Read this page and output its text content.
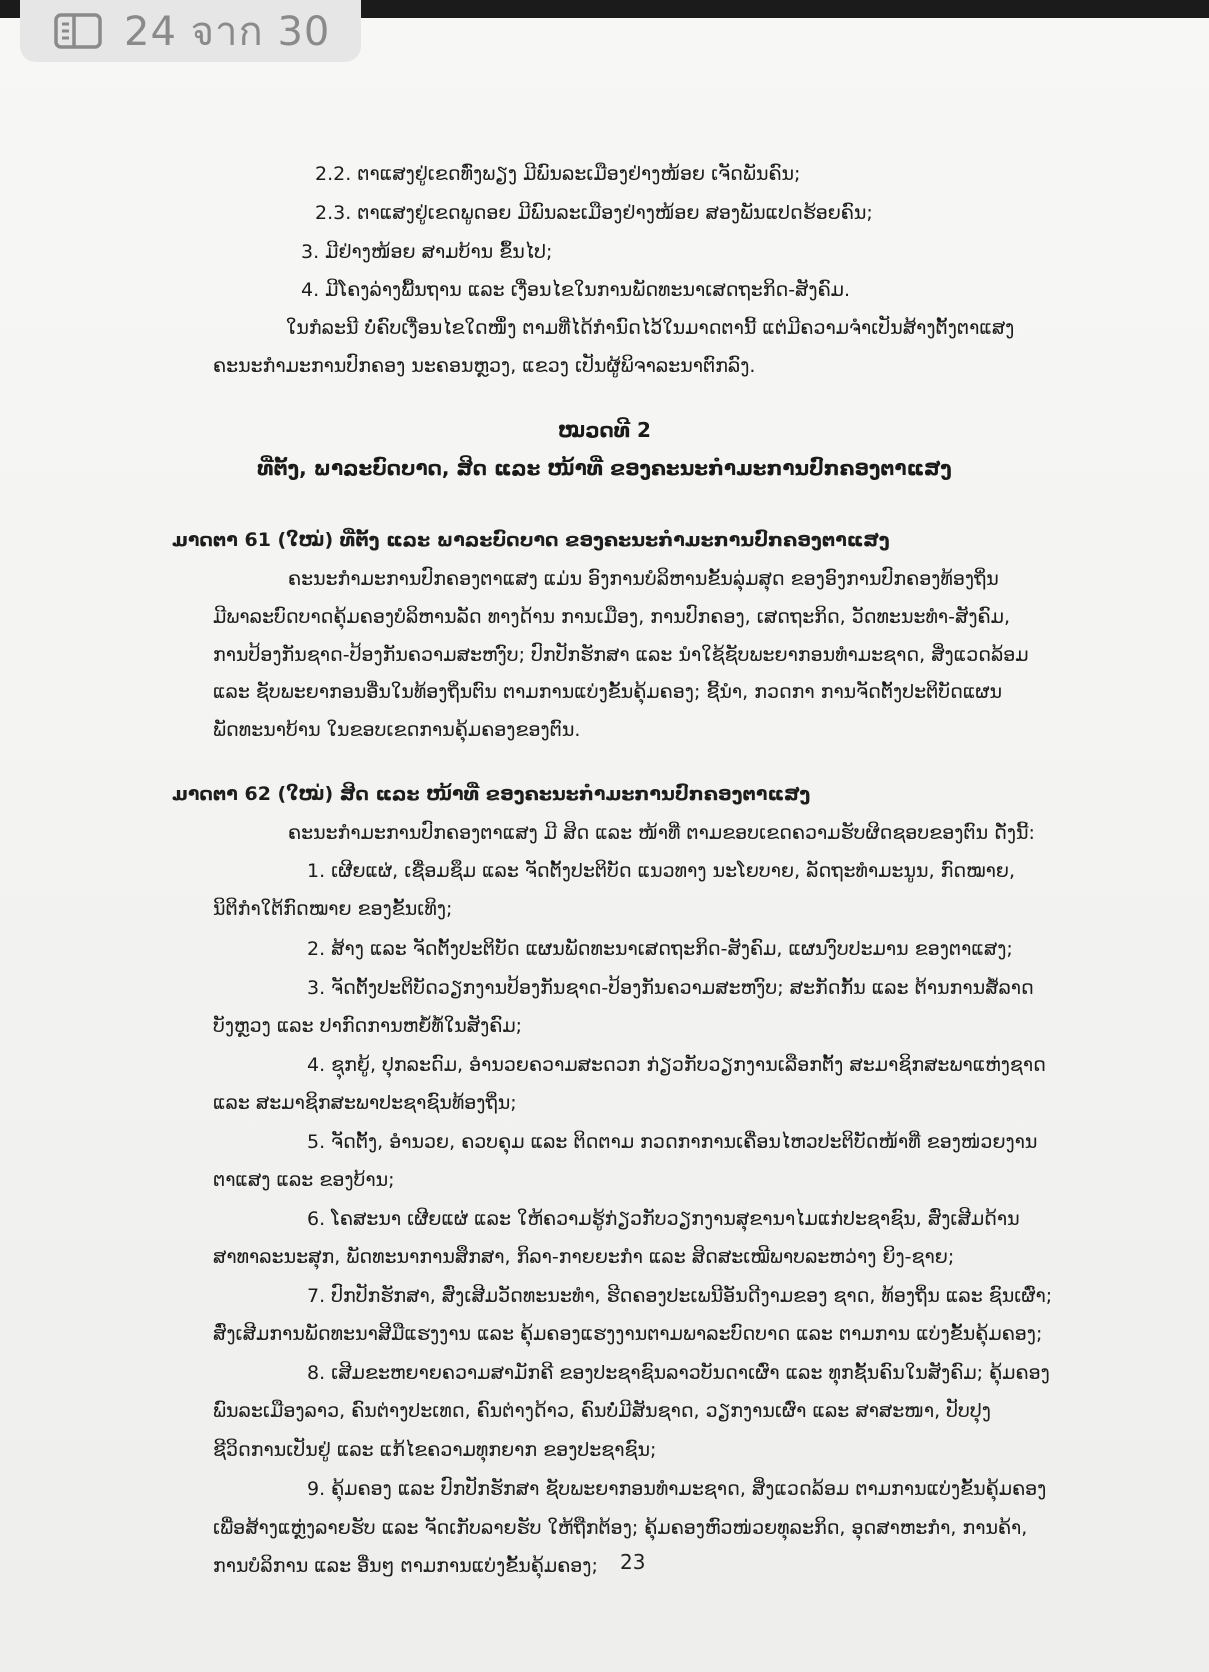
24 จาก 30
2.2. ຕາແສງຢູ່ເຂດທົ່ງພຽງ ມີພົນລະເມືອງຢ່າງໜ້ອຍ ເຈັດພັນຄົນ;
2.3. ຕາແສງຢູ່ເຂດພູດອຍ ມີພົນລະເມືອງຢ່າງໜ້ອຍ ສອງພັນແປດຮ້ອຍຄົນ;
3. ມີຢ່າງໜ້ອຍ ສາມບ້ານ ຂຶ້ນໄປ;
4. ມີໂຄງລ່າງພື້ນຖານ ແລະ ເງື່ອນໄຂໃນການພັດທະນາເສດຖະກິດ-ສັງຄົມ.
ໃນກໍລະນີ ບໍ່ຄົບເງື່ອນໄຂໃດໜຶ່ງ ຕາມທີ່ໄດ້ກຳນົດໄວ້ໃນມາດຕານີ້ ແຕ່ມີຄວາມຈຳເປັນສ້າງຕັ້ງຕາແສງ
ຄະນະກຳມະການປົກຄອງ ນະຄອນຫຼວງ, ແຂວງ ເປັນຜູ້ພິຈາລະນາຕົກລົງ.
ໝວດທີ 2
ທີ່ຕັ້ງ, ພາລະບົດບາດ, ສິດ ແລະ ໜ້າທີ່ ຂອງຄະນະກຳມະການປົກຄອງຕາແສງ
ມາດຕາ 61 (ໃໝ່) ທີ່ຕັ້ງ ແລະ ພາລະບົດບາດ ຂອງຄະນະກຳມະການປົກຄອງຕາແສງ
ຄະນະກຳມະການປົກຄອງຕາແສງ ແມ່ນ ອົງການບໍລິຫານຂັ້ນລຸ່ມສຸດ ຂອງອົງການປົກຄອງທ້ອງຖິ່ນ
ມີພາລະບົດບາດຄຸ້ມຄອງບໍລິຫານລັດ ທາງດ້ານ ການເມືອງ, ການປົກຄອງ, ເສດຖະກິດ, ວັດທະນະທຳ-ສັງຄົມ,
ການປ້ອງກັນຊາດ-ປ້ອງກັນຄວາມສະຫງົບ; ປົກປັກຮັກສາ ແລະ ນຳໃຊ້ຊັບພະຍາກອນທຳມະຊາດ, ສິ່ງແວດລ້ອມ
ແລະ ຊັບພະຍາກອນອື່ນໃນທ້ອງຖິ່ນຕົນ ຕາມການແບ່ງຂັ້ນຄຸ້ມຄອງ; ຊີ້ນຳ, ກວດກາ ການຈັດຕັ້ງປະຕິບັດແຜນ
ພັດທະນາບ້ານ ໃນຂອບເຂດການຄຸ້ມຄອງຂອງຕົນ.
ມາດຕາ 62 (ໃໝ່) ສິດ ແລະ ໜ້າທີ່ ຂອງຄະນະກຳມະການປົກຄອງຕາແສງ
ຄະນະກຳມະການປົກຄອງຕາແສງ ມີ ສິດ ແລະ ໜ້າທີ່ ຕາມຂອບເຂດຄວາມຮັບຜິດຊອບຂອງຕົນ ດັ່ງນີ້:
1. ເຜີຍແຜ່, ເຊື່ອມຊຶມ ແລະ ຈັດຕັ້ງປະຕິບັດ ແນວທາງ ນະໂຍບາຍ, ລັດຖະທຳມະນູນ, ກົດໝາຍ,
ນິຕິກຳໃຕ້ກົດໝາຍ ຂອງຂັ້ນເທິງ;
2. ສ້າງ ແລະ ຈັດຕັ້ງປະຕິບັດ ແຜນພັດທະນາເສດຖະກິດ-ສັງຄົມ, ແຜນງົບປະມານ ຂອງຕາແສງ;
3. ຈັດຕັ້ງປະຕິບັດວຽກງານປ້ອງກັນຊາດ-ປ້ອງກັນຄວາມສະຫງົບ; ສະກັດກັ້ນ ແລະ ຕ້ານການສໍ້ລາດ
ບັງຫຼວງ ແລະ ປາກົດການຫຍໍ້ທໍ້ໃນສັງຄົມ;
4. ຊຸກຍູ້, ປຸກລະດົມ, ອຳນວຍຄວາມສະດວກ ກ່ຽວກັບວຽກງານເລືອກຕັ້ງ ສະມາຊິກສະພາແຫ່ງຊາດ
ແລະ ສະມາຊິກສະພາປະຊາຊົນທ້ອງຖິ່ນ;
5. ຈັດຕັ້ງ, ອຳນວຍ, ຄວບຄຸມ ແລະ ຕິດຕາມ ກວດກາການເຄື່ອນໄຫວປະຕິບັດໜ້າທີ່ ຂອງໜ່ວຍງານ
ຕາແສງ ແລະ ຂອງບ້ານ;
6. ໂຄສະນາ ເຜີຍແຜ່ ແລະ ໃຫ້ຄວາມຮູ້ກ່ຽວກັບວຽກງານສຸຂານາໄມແກ່ປະຊາຊົນ, ສົ່ງເສີມດ້ານ
ສາທາລະນະສຸກ, ພັດທະນາການສຶກສາ, ກິລາ-ກາຍຍະກຳ ແລະ ສິດສະເໝີພາບລະຫວ່າງ ຍິງ-ຊາຍ;
7. ປົກປັກຮັກສາ, ສົ່ງເສີມວັດທະນະທຳ, ຮີດຄອງປະເພນີອັນດີງາມຂອງ ຊາດ, ທ້ອງຖິ່ນ ແລະ ຊົນເຜົ່າ;
ສົ່ງເສີມການພັດທະນາສີມືແຮງງານ ແລະ ຄຸ້ມຄອງແຮງງານຕາມພາລະບົດບາດ ແລະ ຕາມການ ແບ່ງຂັ້ນຄຸ້ມຄອງ;
8. ເສີມຂະຫຍາຍຄວາມສາມັກຄີ ຂອງປະຊາຊົນລາວບັນດາເຜົ່າ ແລະ ທຸກຊັ້ນຄົນໃນສັງຄົມ; ຄຸ້ມຄອງ
ພົນລະເມືອງລາວ, ຄົນຕ່າງປະເທດ, ຄົນຕ່າງດ້າວ, ຄົນບໍ່ມີສັນຊາດ, ວຽກງານເຜົ່າ ແລະ ສາສະໜາ, ປັບປຸງ
ຊີວິດການເປັນຢູ່ ແລະ ແກ້ໄຂຄວາມທຸກຍາກ ຂອງປະຊາຊົນ;
9. ຄຸ້ມຄອງ ແລະ ປົກປັກຮັກສາ ຊັບພະຍາກອນທຳມະຊາດ, ສິ່ງແວດລ້ອມ ຕາມການແບ່ງຂັ້ນຄຸ້ມຄອງ
ເພື່ອສ້າງແຫຼ່ງລາຍຮັບ ແລະ ຈັດເກັບລາຍຮັບ ໃຫ້ຖືກຕ້ອງ; ຄຸ້ມຄອງຫົວໜ່ວຍທຸລະກິດ, ອຸດສາຫະກຳ, ການຄ້າ,
ການບໍລິການ ແລະ ອື່ນໆ ຕາມການແບ່ງຂັ້ນຄຸ້ມຄອງ; 23
